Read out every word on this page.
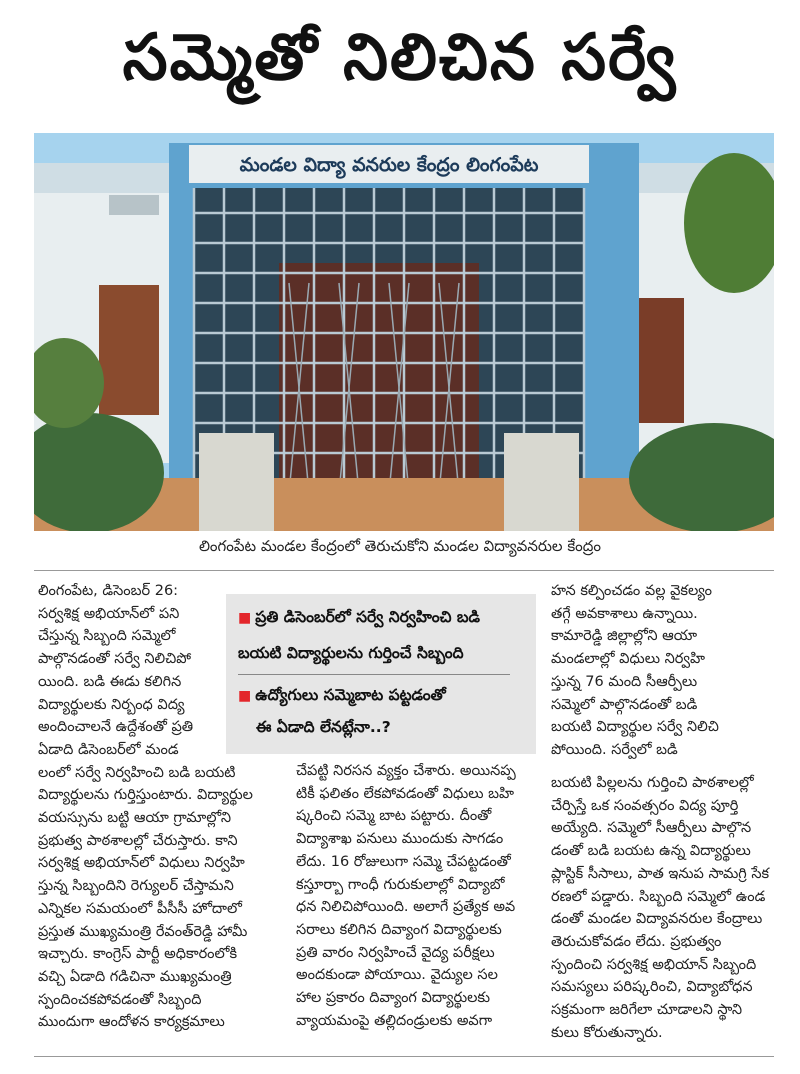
సమ్మెతో నిలిచిన సర్వే
మండల విద్యా వనరుల కేంద్రం లింగంపేట
లింగంపేట మండల కేంద్రంలో తెరుచుకోని మండల విద్యావనరుల కేంద్రం
లింగంపేట, డిసెంబర్ 26:
సర్వశిక్ష అభియాన్‌లో పని
చేస్తున్న సిబ్బంది సమ్మెలో
పాల్గొనడంతో సర్వే నిలిచిపో
యింది. బడి ఈడు కలిగిన
విద్యార్థులకు నిర్బంధ విద్య
అందించాలనే ఉద్దేశంతో ప్రతి
ఏడాది డిసెంబర్‌లో మండ
లంలో సర్వే నిర్వహించి బడి బయటి
విద్యార్థులను గుర్తిస్తుంటారు. విద్యార్థుల
వయస్సును బట్టి ఆయా గ్రామాల్లోని
ప్రభుత్వ పాఠశాలల్లో చేరుస్తారు. కాని
సర్వశిక్ష అభియాన్‌లో విధులు నిర్వహి
స్తున్న సిబ్బందిని రెగ్యులర్ చేస్తామని
ఎన్నికల సమయంలో పీసీసీ హోదాలో
ప్రస్తుత ముఖ్యమంత్రి రేవంత్‌రెడ్డి హామీ
ఇచ్చారు. కాంగ్రెస్ పార్టీ అధికారంలోకి
వచ్చి ఏడాది గడిచినా ముఖ్యమంత్రి
స్పందించకపోవడంతో సిబ్బంది
ముందుగా ఆందోళన కార్యక్రమాలు
■ ప్రతి డిసెంబర్‌లో సర్వే నిర్వహించి బడి
బయటి విద్యార్థులను గుర్తించే సిబ్బంది
■ ఉద్యోగులు సమ్మెబాట పట్టడంతో
ఈ ఏడాది లేనట్లేనా..?
చేపట్టి నిరసన వ్యక్తం చేశారు. అయినప్ప
టికీ ఫలితం లేకపోవడంతో విధులు బహి
ష్కరించి సమ్మె బాట పట్టారు. దీంతో
విద్యాశాఖ పనులు ముందుకు సాగడం
లేదు. 16 రోజులుగా సమ్మె చేపట్టడంతో
కస్తూర్బా గాంధీ గురుకులాల్లో విద్యాబో
ధన నిలిచిపోయింది. అలాగే ప్రత్యేక అవ
సరాలు కలిగిన దివ్యాంగ విద్యార్థులకు
ప్రతి వారం నిర్వహించే వైద్య పరీక్షలు
అందకుండా పోయాయి. వైద్యుల సల
హాల ప్రకారం దివ్యాంగ విద్యార్థులకు
వ్యాయమంపై తల్లిదండ్రులకు అవగా
హన కల్పించడం వల్ల వైకల్యం
తగ్గే అవకాశాలు ఉన్నాయి.
కామారెడ్డి జిల్లాల్లోని ఆయా
మండలాల్లో విధులు నిర్వహి
స్తున్న 76 మంది సీఆర్పీలు
సమ్మెలో పాల్గొనడంతో బడి
బయటి విద్యార్థుల సర్వే నిలిచి
పోయింది. సర్వేలో బడి
బయటి పిల్లలను గుర్తించి పాఠశాలల్లో
చేర్పిస్తే ఒక సంవత్సరం విద్య పూర్తి
అయ్యేది. సమ్మెలో సీఆర్పీలు పాల్గొన
డంతో బడి బయట ఉన్న విద్యార్థులు
ప్లాస్టిక్ సీసాలు, పాత ఇనుప సామగ్రి సేక
రణలో పడ్డారు. సిబ్బంది సమ్మెలో ఉండ
డంతో మండల విద్యావనరుల కేంద్రాలు
తెరుచుకోవడం లేదు. ప్రభుత్వం
స్పందించి సర్వశిక్ష అభియాన్ సిబ్బంది
సమస్యలు పరిష్కరించి, విద్యాబోధన
సక్రమంగా జరిగేలా చూడాలని స్థాని
కులు కోరుతున్నారు.
